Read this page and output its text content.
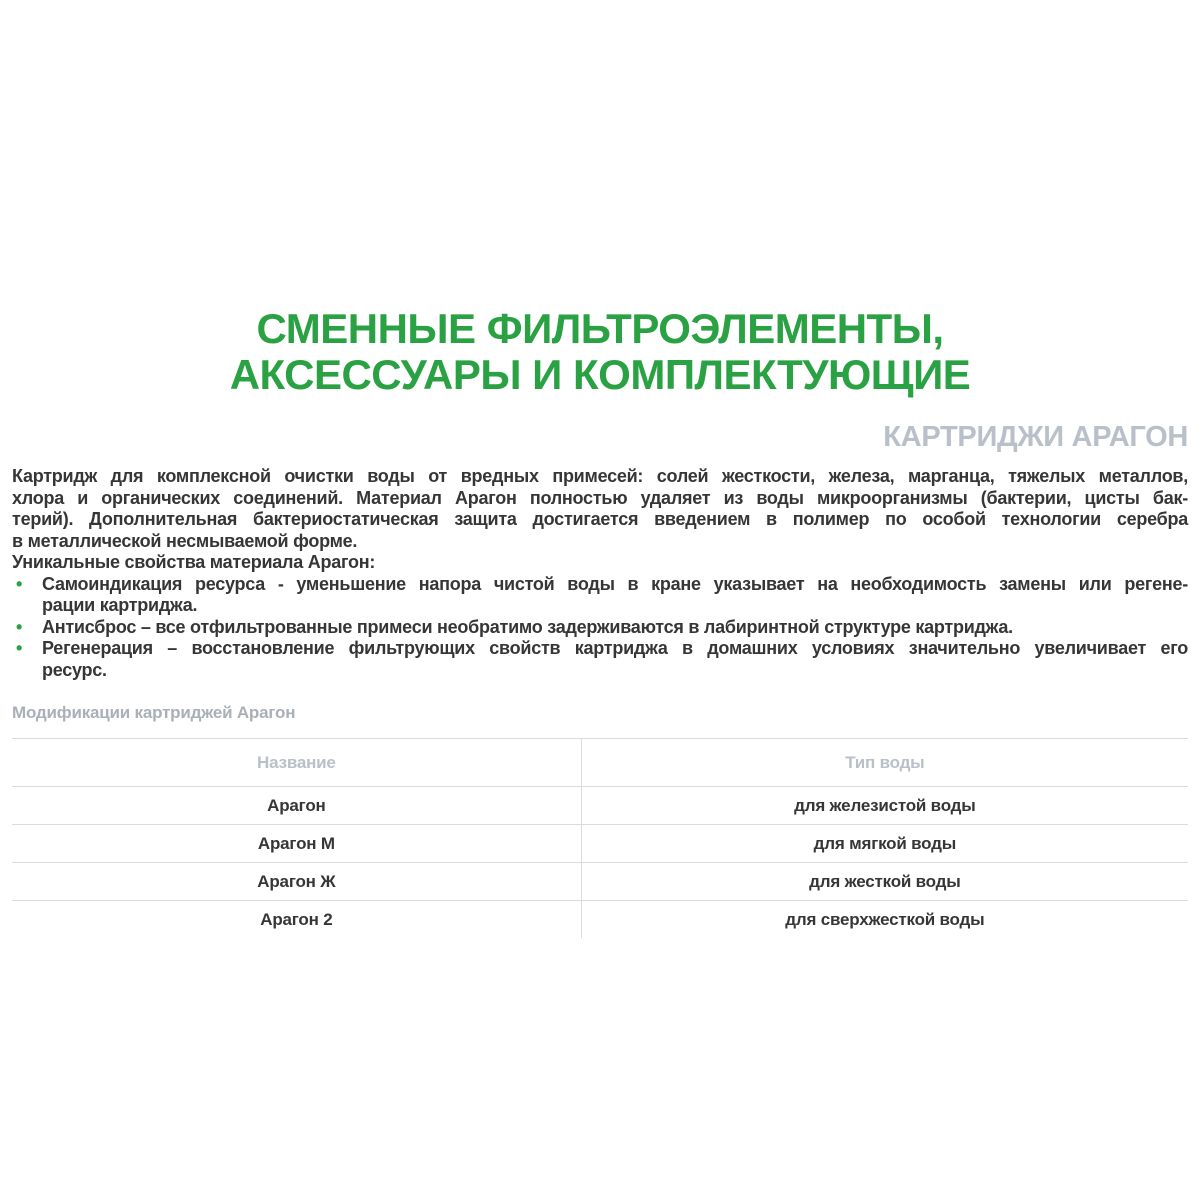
СМЕННЫЕ ФИЛЬТРОЭЛЕМЕНТЫ,
АКСЕССУАРЫ И КОМПЛЕКТУЮЩИЕ
КАРТРИДЖИ АРАГОН

Картридж для комплексной очистки воды от вредных примесей: солей жесткости, железа, марганца, тяжелых металлов,
хлора и органических соединений. Материал Арагон полностью удаляет из воды микроорганизмы (бактерии, цисты бак-
терий). Дополнительная бактериостатическая защита достигается введением в полимер по особой технологии серебра
в металлической несмываемой форме.

Уникальные свойства материала Арагон:

•	Самоиндикация ресурса - уменьшение напора чистой воды в кране указывает на необходимость замены или регене-
рации картриджа.
•	Антисброс – все отфильтрованные примеси необратимо задерживаются в лабиринтной структуре картриджа.
•	Регенерация – восстановление фильтрующих свойств картриджа в домашних условиях значительно увеличивает его
ресурс.
Модификации картриджей Арагон
Название	Тип воды
Арагон	для железистой воды
Арагон М	для мягкой воды
Арагон Ж	для жесткой воды
Арагон 2	для сверхжесткой воды
